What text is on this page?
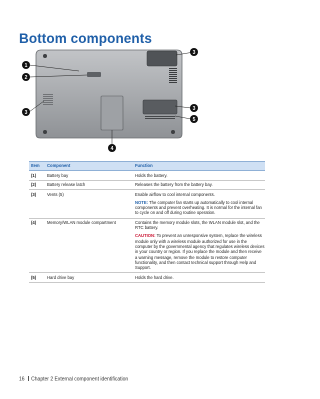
Bottom components
1
2
3
3
3
5
4
Item	Component	Function
(1)	Battery bay	Holds the battery.
(2)	Battery release latch	Releases the battery from the battery bay.
(3)	Vents (5)	Enable airflow to cool internal components.
NOTE: The computer fan starts up automatically to cool internal components and prevent overheating. It is normal for the internal fan to cycle on and off during routine operation.
(4)	Memory/WLAN module compartment	Contains the memory module slots, the WLAN module slot, and the RTC battery.
CAUTION: To prevent an unresponsive system, replace the wireless module only with a wireless module authorized for use in the computer by the governmental agency that regulates wireless devices in your country or region. If you replace the module and then receive a warning message, remove the module to restore computer functionality, and then contact technical support through Help and Support.
(5)	Hard drive bay	Holds the hard drive.
16 Chapter 2 External component identification
